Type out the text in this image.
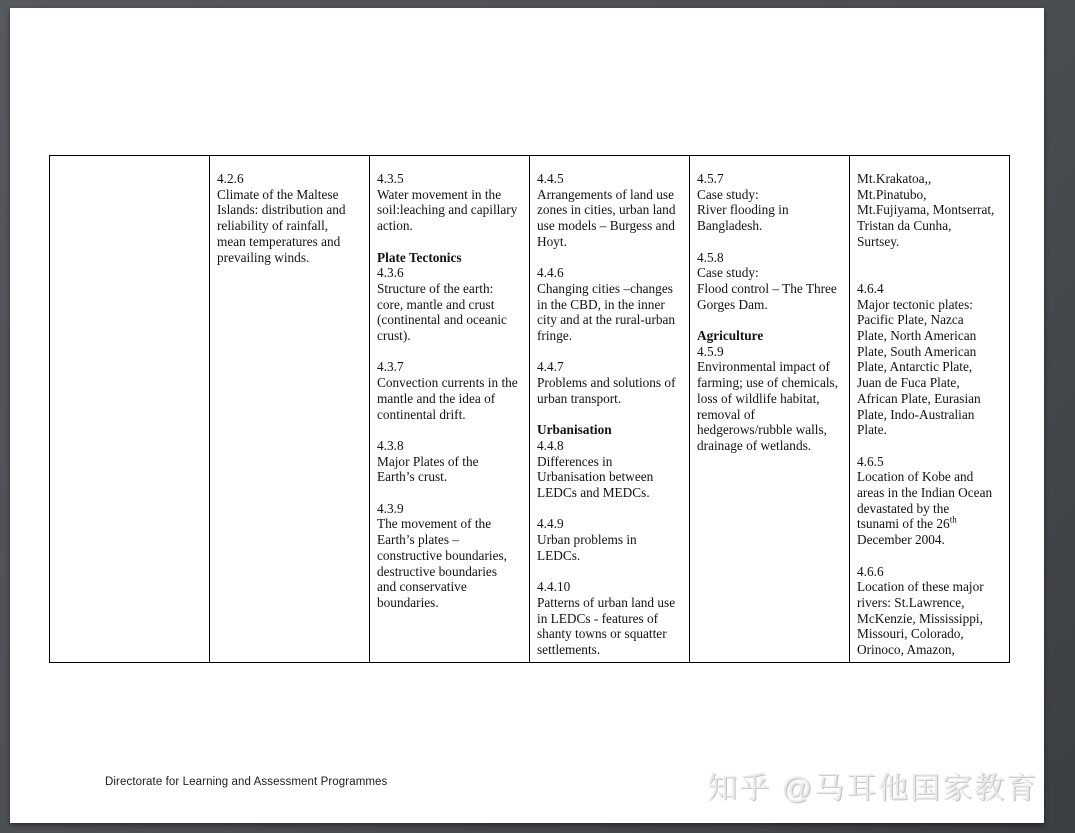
4.2.6
Climate of the Maltese
Islands: distribution and
reliability of rainfall,
mean temperatures and
prevailing winds.
4.3.5
Water movement in the
soil:leaching and capillary
action.
Plate Tectonics
4.3.6
Structure of the earth:
core, mantle and crust
(continental and oceanic
crust).
4.3.7
Convection currents in the
mantle and the idea of
continental drift.
4.3.8
Major Plates of the
Earth’s crust.
4.3.9
The movement of the
Earth’s plates –
constructive boundaries,
destructive boundaries
and conservative
boundaries.
4.4.5
Arrangements of land use
zones in cities, urban land
use models – Burgess and
Hoyt.
4.4.6
Changing cities –changes
in the CBD, in the inner
city and at the rural-urban
fringe.
4.4.7
Problems and solutions of
urban transport.
Urbanisation
4.4.8
Differences in
Urbanisation between
LEDCs and MEDCs.
4.4.9
Urban problems in
LEDCs.
4.4.10
Patterns of urban land use
in LEDCs - features of
shanty towns or squatter
settlements.
4.5.7
Case study:
River flooding in
Bangladesh.
4.5.8
Case study:
Flood control – The Three
Gorges Dam.
Agriculture
4.5.9
Environmental impact of
farming; use of chemicals,
loss of wildlife habitat,
removal of
hedgerows/rubble walls,
drainage of wetlands.
Mt.Krakatoa,,
Mt.Pinatubo,
Mt.Fujiyama, Montserrat,
Tristan da Cunha,
Surtsey.
4.6.4
Major tectonic plates:
Pacific Plate, Nazca
Plate, North American
Plate, South American
Plate, Antarctic Plate,
Juan de Fuca Plate,
African Plate, Eurasian
Plate, Indo-Australian
Plate.
4.6.5
Location of Kobe and
areas in the Indian Ocean
devastated by the
tsunami of the 26th
December 2004.
4.6.6
Location of these major
rivers: St.Lawrence,
McKenzie, Mississippi,
Missouri, Colorado,
Orinoco, Amazon,
Directorate for Learning and Assessment Programmes	知乎 @马耳他国家教育
